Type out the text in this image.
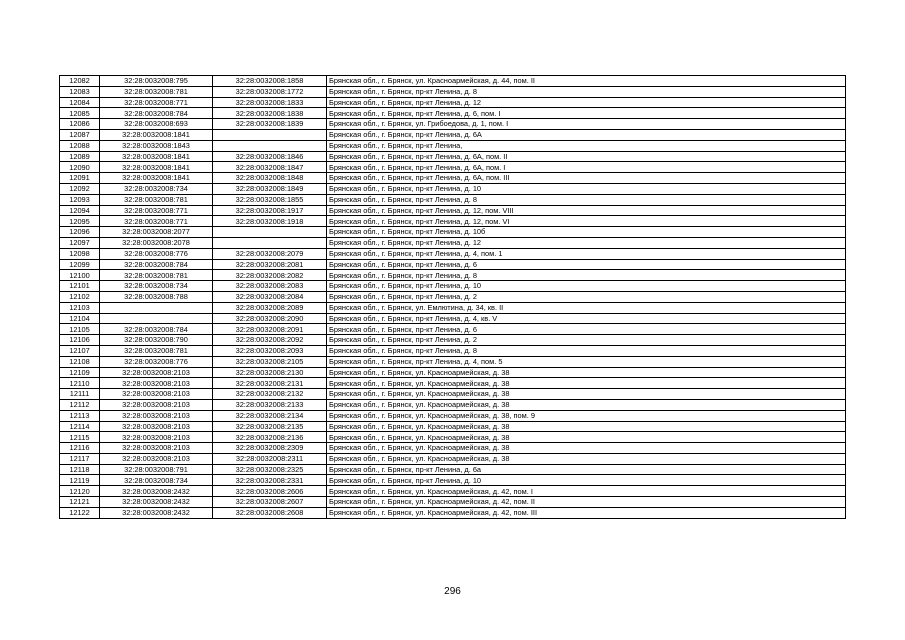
12082	32:28:0032008:795	32:28:0032008:1858	Брянская обл., г. Брянск, ул. Красноармейская, д. 44, пом. II
12083	32:28:0032008:781	32:28:0032008:1772	Брянская обл., г. Брянск, пр-кт Ленина, д. 8
12084	32:28:0032008:771	32:28:0032008:1833	Брянская обл., г. Брянск, пр-кт Ленина, д. 12
12085	32:28:0032008:784	32:28:0032008:1838	Брянская обл., г. Брянск, пр-кт Ленина, д. 6, пом. I
12086	32:28:0032008:693	32:28:0032008:1839	Брянская обл., г. Брянск, ул. Грибоедова, д. 1, пом. I
12087	32:28:0032008:1841		Брянская обл., г. Брянск, пр-кт Ленина, д. 6А
12088	32:28:0032008:1843		Брянская обл., г. Брянск, пр-кт Ленина,
12089	32:28:0032008:1841	32:28:0032008:1846	Брянская обл., г. Брянск, пр-кт Ленина, д. 6А, пом. II
12090	32:28:0032008:1841	32:28:0032008:1847	Брянская обл., г. Брянск, пр-кт Ленина, д. 6А, пом. I
12091	32:28:0032008:1841	32:28:0032008:1848	Брянская обл., г. Брянск, пр-кт Ленина, д. 6А, пом. III
12092	32:28:0032008:734	32:28:0032008:1849	Брянская обл., г. Брянск, пр-кт Ленина, д. 10
12093	32:28:0032008:781	32:28:0032008:1855	Брянская обл., г. Брянск, пр-кт Ленина, д. 8
12094	32:28:0032008:771	32:28:0032008:1917	Брянская обл., г. Брянск, пр-кт Ленина, д. 12, пом. VIII
12095	32:28:0032008:771	32:28:0032008:1918	Брянская обл., г. Брянск, пр-кт Ленина, д. 12, пом. VI
12096	32:28:0032008:2077		Брянская обл., г. Брянск, пр-кт Ленина, д. 10б
12097	32:28:0032008:2078		Брянская обл., г. Брянск, пр-кт Ленина, д. 12
12098	32:28:0032008:776	32:28:0032008:2079	Брянская обл., г. Брянск, пр-кт Ленина, д. 4, пом. 1
12099	32:28:0032008:784	32:28:0032008:2081	Брянская обл., г. Брянск, пр-кт Ленина, д. 6
12100	32:28:0032008:781	32:28:0032008:2082	Брянская обл., г. Брянск, пр-кт Ленина, д. 8
12101	32:28:0032008:734	32:28:0032008:2083	Брянская обл., г. Брянск, пр-кт Ленина, д. 10
12102	32:28:0032008:788	32:28:0032008:2084	Брянская обл., г. Брянск, пр-кт Ленина, д. 2
12103		32:28:0032008:2089	Брянская обл., г. Брянск, ул. Емлютина, д. 34, кв. II
12104		32:28:0032008:2090	Брянская обл., г. Брянск, пр-кт Ленина, д. 4, кв. V
12105	32:28:0032008:784	32:28:0032008:2091	Брянская обл., г. Брянск, пр-кт Ленина, д. 6
12106	32:28:0032008:790	32:28:0032008:2092	Брянская обл., г. Брянск, пр-кт Ленина, д. 2
12107	32:28:0032008:781	32:28:0032008:2093	Брянская обл., г. Брянск, пр-кт Ленина, д. 8
12108	32:28:0032008:776	32:28:0032008:2105	Брянская обл., г. Брянск, пр-кт Ленина, д. 4, пом. 5
12109	32:28:0032008:2103	32:28:0032008:2130	Брянская обл., г. Брянск, ул. Красноармейская, д. 38
12110	32:28:0032008:2103	32:28:0032008:2131	Брянская обл., г. Брянск, ул. Красноармейская, д. 38
12111	32:28:0032008:2103	32:28:0032008:2132	Брянская обл., г. Брянск, ул. Красноармейская, д. 38
12112	32:28:0032008:2103	32:28:0032008:2133	Брянская обл., г. Брянск, ул. Красноармейская, д. 38
12113	32:28:0032008:2103	32:28:0032008:2134	Брянская обл., г. Брянск, ул. Красноармейская, д. 38, пом. 9
12114	32:28:0032008:2103	32:28:0032008:2135	Брянская обл., г. Брянск, ул. Красноармейская, д. 38
12115	32:28:0032008:2103	32:28:0032008:2136	Брянская обл., г. Брянск, ул. Красноармейская, д. 38
12116	32:28:0032008:2103	32:28:0032008:2309	Брянская обл., г. Брянск, ул. Красноармейская, д. 38
12117	32:28:0032008:2103	32:28:0032008:2311	Брянская обл., г. Брянск, ул. Красноармейская, д. 38
12118	32:28:0032008:791	32:28:0032008:2325	Брянская обл., г. Брянск, пр-кт Ленина, д. 6а
12119	32:28:0032008:734	32:28:0032008:2331	Брянская обл., г. Брянск, пр-кт Ленина, д. 10
12120	32:28:0032008:2432	32:28:0032008:2606	Брянская обл., г. Брянск, ул. Красноармейская, д. 42, пом. I
12121	32:28:0032008:2432	32:28:0032008:2607	Брянская обл., г. Брянск, ул. Красноармейская, д. 42, пом. II
12122	32:28:0032008:2432	32:28:0032008:2608	Брянская обл., г. Брянск, ул. Красноармейская, д. 42, пом. III
296
